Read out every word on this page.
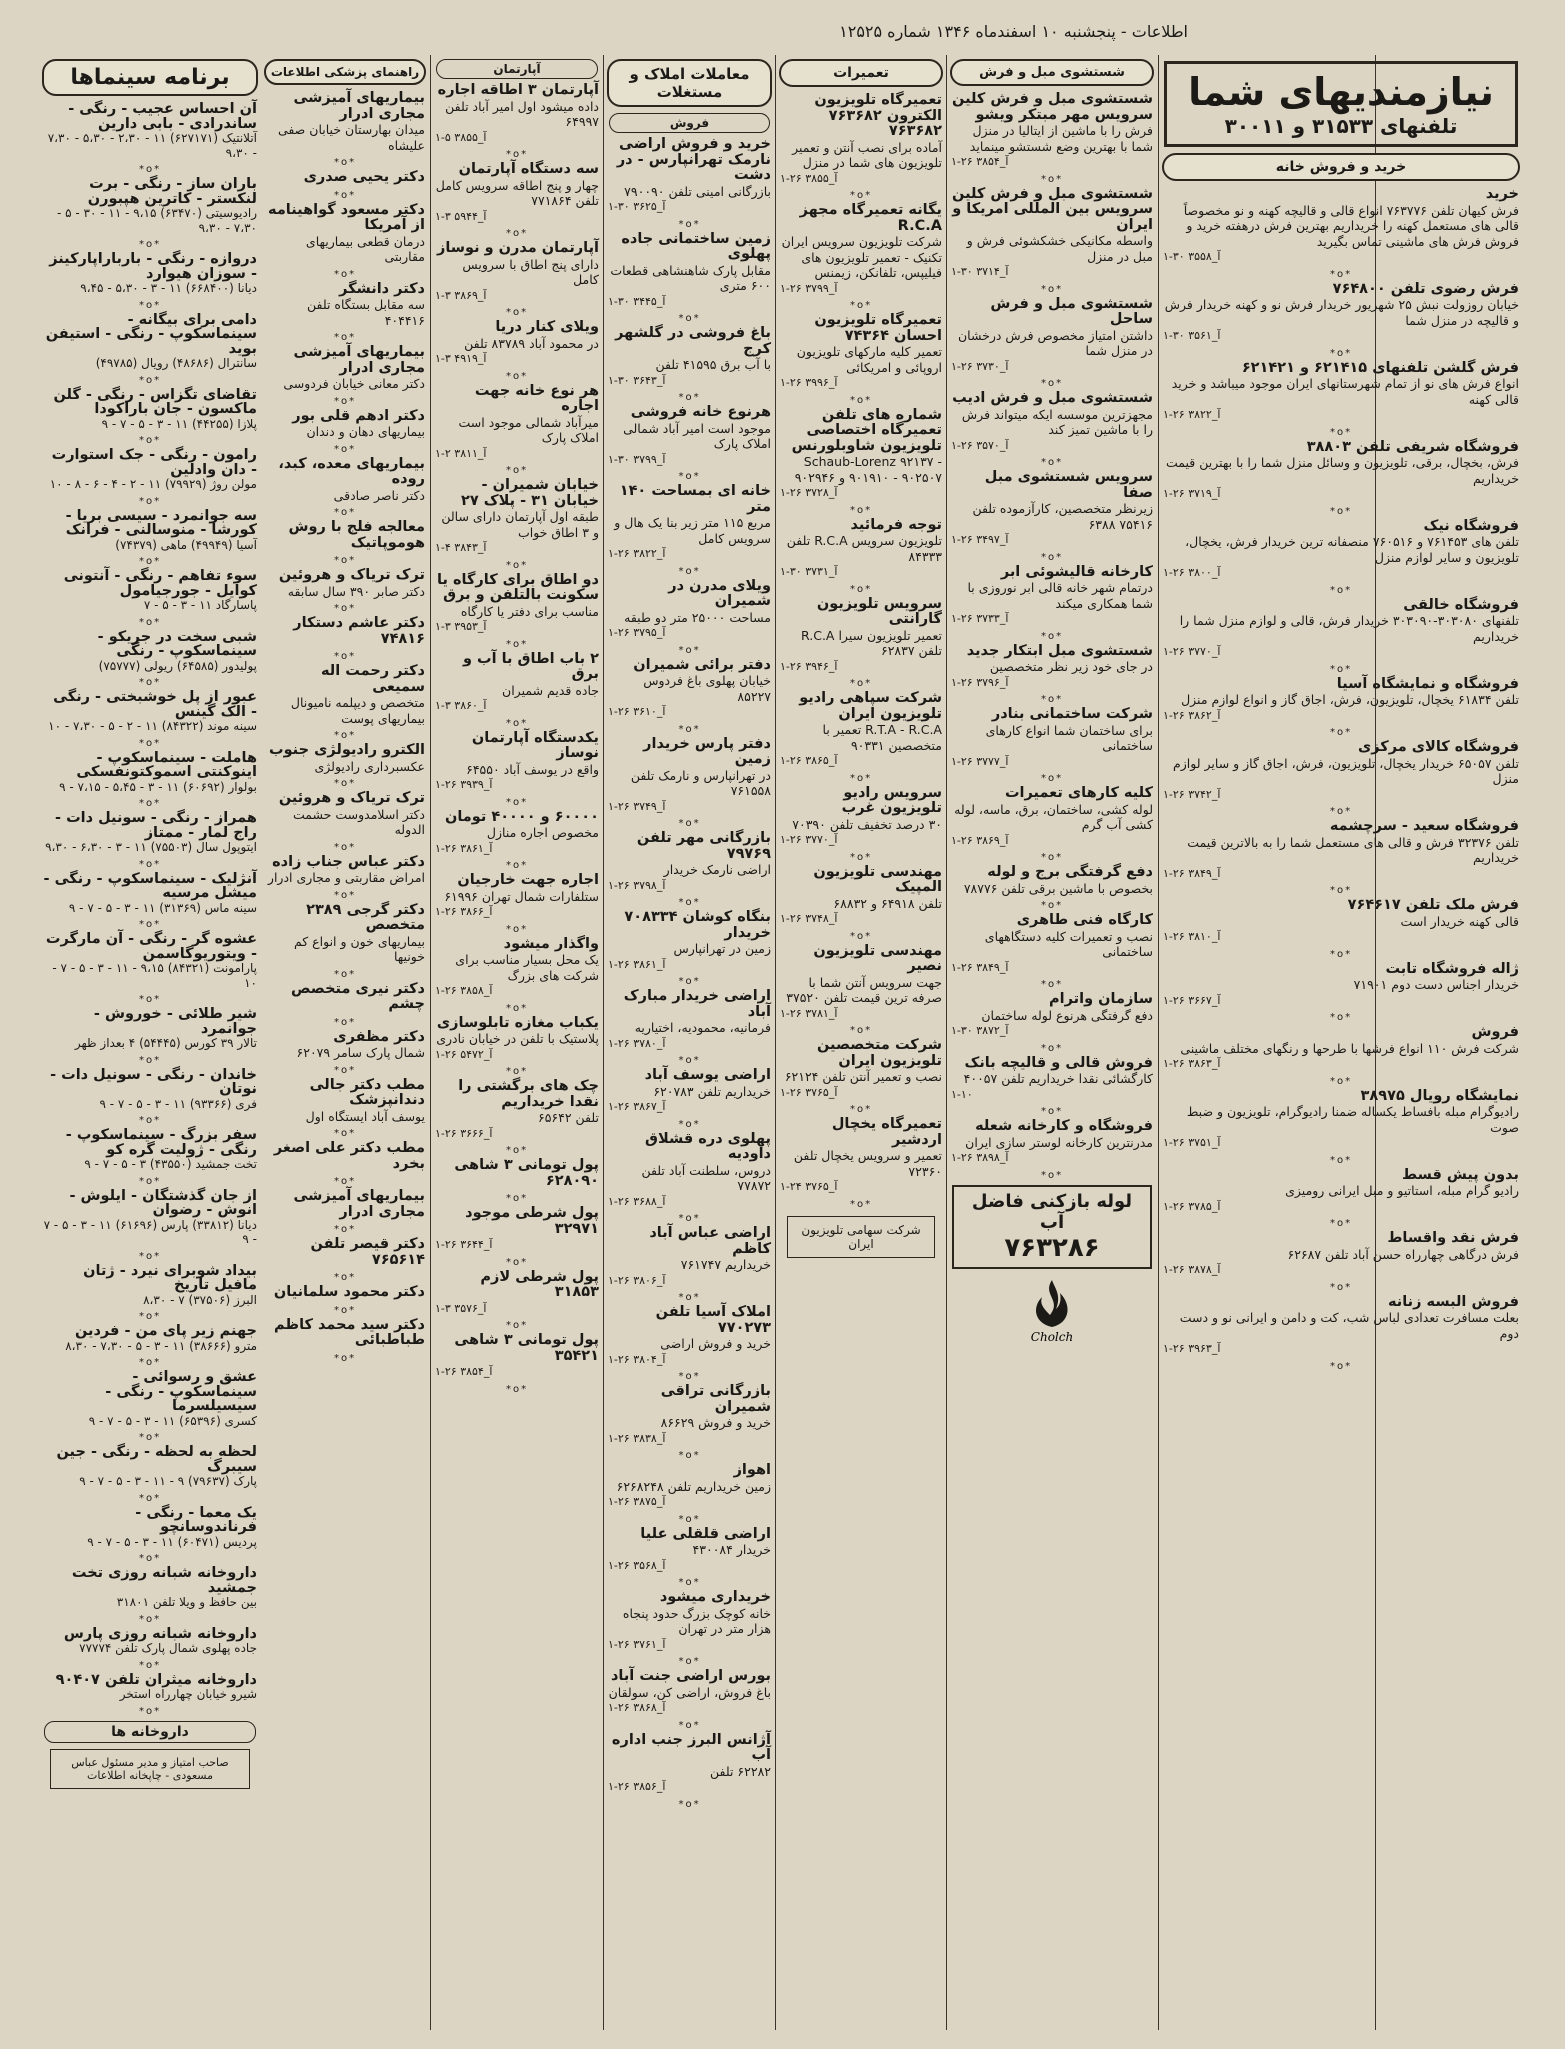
اطلاعات - پنجشنبه ۱۰ اسفندماه ۱۳۴۶ شماره ۱۲۵۲۵
نیازمندیهای شما
تلفنهای ۳۱۵۳۳ و ۳۰۰۱۱
خرید و فروش خانه
خرید
فرش کیهان تلفن ۷۶۳۷۷۶ انواع قالی و قالیچه کهنه و نو مخصوصاً قالی های مستعمل کهنه را خریداریم بهترین فرش درهفته خرید و فروش فرش های ماشینی تماس بگیرید
۱-۳۰ ۳۵۵۸_آ
*o*
فرش رضوی تلفن ۷۶۴۸۰۰
خیابان روزولت نبش ۲۵ شهریور خریدار فرش نو و کهنه خریدار فرش و قالیچه در منزل شما
۱-۳۰ ۳۵۶۱_آ
*o*
فرش گلشن تلفنهای ۶۲۱۴۱۵ و ۶۲۱۴۲۱
انواع فرش های نو از تمام شهرستانهای ایران موجود میباشد و خرید قالی کهنه
۱-۲۶ ۳۸۲۲_آ
*o*
فروشگاه شریفی تلفن ۳۸۸۰۳
فرش، بخچال، برقی، تلویزیون و وسائل منزل شما را با بهترین قیمت خریداریم
۱-۲۶ ۳۷۱۹_آ
*o*
فروشگاه نیک
تلفن های ۷۶۱۴۵۳ و ۷۶۰۵۱۶ منصفانه ترین خریدار فرش، یخچال، تلویزیون و سایر لوازم منزل
۱-۲۶ ۳۸۰۰_آ
*o*
فروشگاه خالقی
تلفنهای ۳۰۳۰۸۰-۳۰۳۰۹۰ خریدار فرش، قالی و لوازم منزل شما را خریداریم
۱-۲۶ ۳۷۷۰_آ
*o*
فروشگاه و نمایشگاه آسیا
تلفن ۶۱۸۳۴ یخچال، تلویزیون، فرش، اجاق گاز و انواع لوازم منزل
۱-۲۶ ۳۸۶۲_آ
*o*
فروشگاه کالای مرکزی
تلفن ۶۵۰۵۷ خریدار یخچال، تلویزیون، فرش، اجاق گاز و سایر لوازم منزل
۱-۲۶ ۳۷۴۲_آ
*o*
فروشگاه سعید - سرچشمه
تلفن ۳۲۳۷۶ فرش و قالی های مستعمل شما را به بالاترین قیمت خریداریم
۱-۲۶ ۳۸۴۹_آ
*o*
فرش ملک تلفن ۷۶۴۶۱۷
قالی کهنه خریدار است
۱-۲۶ ۳۸۱۰_آ
*o*
ژاله فروشگاه تابت
خریدار اجناس دست دوم ۷۱۹۰۱
۱-۲۶ ۳۶۶۷_آ
*o*
فروش
شرکت فرش ۱۱۰ انواع فرشها با طرحها و رنگهای مختلف ماشینی
۱-۲۶ ۳۸۶۳_آ
*o*
نمایشگاه رویال ۳۸۹۷۵
رادیوگرام مبله بافساط یکساله ضمنا رادیوگرام، تلویزیون و ضبط صوت
۱-۲۶ ۳۷۵۱_آ
*o*
بدون پیش قسط
رادیو گرام مبله، استاتیو و مبل ایرانی رومیزی
۱-۲۶ ۳۷۸۵_آ
*o*
فرش نقد واقساط
فرش درگاهی چهارراه حسن آباد تلفن ۶۲۶۸۷
۱-۲۶ ۳۸۷۸_آ
*o*
فروش البسه زنانه
بعلت مسافرت تعدادی لباس شب، کت و دامن و ایرانی نو و دست دوم
۱-۲۶ ۳۹۶۳_آ
*o*
شستشوی مبل و فرش
شستشوی مبل و فرش کلین سرویس مهر مبتکر ویشو
فرش را با ماشین از ایتالیا در منزل شما با بهترین وضع شستشو مینماید
۱-۲۶ ۳۸۵۴_آ
*o*
شستشوی مبل و فرش کلین سرویس بین المللی امریکا و ایران
واسطه مکانیکی خشکشوئی فرش و مبل در منزل
۱-۳۰ ۳۷۱۴_آ
*o*
شستشوی مبل و فرش ساحل
داشتن امتیاز مخصوص فرش درخشان در منزل شما
۱-۲۶ ۳۷۳۰_آ
*o*
شستشوی مبل و فرش ادیب
مجهزترین موسسه ایکه میتواند فرش را با ماشین تمیز کند
۱-۲۶ ۳۵۷۰_آ
*o*
سرویس شستشوی مبل صفا
زیرنظر متخصصین، کارآزموده تلفن ۷۵۴۱۶ ۶۳۸۸
۱-۲۶ ۳۴۹۷_آ
*o*
کارخانه قالیشوئی ابر
درتمام شهر خانه قالی ابر نوروزی با شما همکاری میکند
۱-۲۶ ۳۷۳۳_آ
*o*
شستشوی مبل ابتکار جدید
در جای خود زیر نظر متخصصین
۱-۲۶ ۳۷۹۶_آ
*o*
شرکت ساختمانی بنادر
برای ساختمان شما انواع کارهای ساختمانی
۱-۲۶ ۳۷۷۷_آ
*o*
کلیه کارهای تعمیرات
لوله کشی، ساختمان، برق، ماسه، لوله کشی آب گرم
۱-۲۶ ۳۸۶۹_آ
*o*
دفع گرفتگی برج و لوله
بخصوص با ماشین برقی تلفن ۷۸۷۷۶
*o*
کارگاه فنی طاهری
نصب و تعمیرات کلیه دستگاههای ساختمانی
۱-۲۶ ۳۸۴۹_آ
*o*
سازمان واترام
دفع گرفتگی هرنوع لوله ساختمان
۱-۳۰ ۳۸۷۲_آ
*o*
فروش قالی و قالیچه بانک
کارگشائی نقدا خریداریم تلفن ۴۰۰۵۷
۱-۱۰
*o*
فروشگاه و کارخانه شعله
مدرنترین کارخانه لوستر سازی ایران
۱-۲۶ ۳۸۹۸_آ
*o*
لوله بازکنی فاضل آب
۷۶۳۲۸۶
Cholch
تعمیرات
تعمیرگاه تلویزیون الکترون ۷۶۳۶۸۲ ۷۶۳۶۸۲
آماده برای نصب آنتن و تعمیر تلویزیون های شما در منزل
۱-۲۶ ۳۸۵۵_آ
*o*
یگانه تعمیرگاه مجهز R.C.A
شرکت تلویزیون سرویس ایران تکنیک - تعمیر تلویزیون های فیلیپس، تلفانکن، زیمنس
۱-۲۶ ۳۷۹۹_آ
*o*
تعمیرگاه تلویزیون احسان ۷۴۳۶۴
تعمیر کلیه مارکهای تلویزیون اروپائی و امریکائی
۱-۲۶ ۳۹۹۶_آ
*o*
شماره های تلفن تعمیرگاه اختصاصی تلویزیون شاوبلورنس
Schaub-Lorenz ۹۲۱۳۷ - ۹۰۱۹۱۰ - ۹۰۲۵۰۷ و ۹۰۲۹۴۶
۱-۲۶ ۳۷۲۸_آ
*o*
توجه فرمائید
تلویزیون سرویس R.C.A تلفن ۸۴۳۳۳
۱-۳۰ ۳۷۳۱_آ
*o*
سرویس تلویزیون گارانتی
تعمیر تلویزیون سیرا R.C.A تلفن ۶۲۸۳۷
۱-۲۶ ۳۹۴۶_آ
*o*
شرکت سپاهی رادیو تلویزیون ایران
R.T.A - R.C.A تعمیر با متخصصین ۹۰۳۳۱
۱-۲۶ ۳۸۶۵_آ
*o*
سرویس رادیو تلویزیون غرب
۳۰ درصد تخفیف تلفن ۷۰۳۹۰
۱-۲۶ ۳۷۷۰_آ
*o*
مهندسی تلویزیون المپیک
تلفن ۶۴۹۱۸ و ۶۸۸۳۲
۱-۲۶ ۳۷۴۸_آ
*o*
مهندسی تلویزیون نصیر
جهت سرویس آنتن شما با صرفه ترین قیمت تلفن ۳۷۵۲۰
۱-۲۶ ۳۷۸۱_آ
*o*
شرکت متخصصین تلویزیون ایران
نصب و تعمیر آنتن تلفن ۶۲۱۲۴
۱-۲۶ ۳۷۶۵_آ
*o*
تعمیرگاه یخچال اردشیر
تعمیر و سرویس یخچال تلفن ۷۲۳۶۰
۱-۲۴ ۳۷۶۵_آ
*o*
شرکت سهامی تلویزیون ایران
معاملات املاک و مستغلات
فروش
خرید و فروش اراضی نارمک تهرانپارس - در دشت
بازرگانی امینی تلفن ۷۹۰۰۹۰
۱-۳۰ ۳۶۲۵_آ
*o*
زمین ساختمانی جاده پهلوی
مقابل پارک شاهنشاهی قطعات ۶۰۰ متری
۱-۳۰ ۳۴۴۵_آ
*o*
باغ فروشی در گلشهر کرج
با آب برق ۴۱۵۹۵ تلفن
۱-۳۰ ۳۶۴۳_آ
*o*
هرنوع خانه فروشی
موجود است امیر آباد شمالی املاک پارک
۱-۳۰ ۳۷۹۹_آ
*o*
خانه ای بمساحت ۱۴۰ متر
مربع ۱۱۵ متر زیر بنا یک هال و سرویس کامل
۱-۲۶ ۳۸۲۲_آ
*o*
ویلای مدرن در شمیران
مساحت ۲۵۰۰۰ متر دو طبقه
۱-۲۶ ۳۷۹۵_آ
*o*
دفتر برائی شمیران
خیابان پهلوی باغ فردوس ۸۵۲۲۷
۱-۲۶ ۳۶۱۰_آ
*o*
دفتر پارس خریدار زمین
در تهرانپارس و نارمک تلفن ۷۶۱۵۵۸
۱-۲۶ ۳۷۴۹_آ
*o*
بازرگانی مهر تلفن ۷۹۷۶۹
اراضی نارمک خریدار
۱-۲۶ ۳۷۹۸_آ
*o*
بنگاه کوشان ۷۰۸۳۳۴ خریدار
زمین در تهرانپارس
۱-۲۶ ۳۸۶۱_آ
*o*
اراضی خریدار مبارک آباد
فرمانیه، محمودیه، اختیاریه
۱-۲۶ ۳۷۸۰_آ
*o*
اراضی یوسف آباد
خریداریم تلفن ۶۲۰۷۸۳
۱-۲۶ ۳۸۶۷_آ
*o*
پهلوی دره قشلاق داودیه
دروس، سلطنت آباد تلفن ۷۷۸۷۲
۱-۲۶ ۳۶۸۸_آ
*o*
اراضی عباس آباد کاظم
خریداریم ۷۶۱۷۴۷
۱-۲۶ ۳۸۰۶_آ
*o*
املاک آسیا تلفن ۷۷۰۲۷۳
خرید و فروش اراضی
۱-۲۶ ۳۸۰۴_آ
*o*
بازرگانی تراقی شمیران
خرید و فروش ۸۶۶۲۹
۱-۲۶ ۳۸۳۸_آ
*o*
اهواز
زمین خریداریم تلفن ۶۲۶۸۲۴۸
۱-۲۶ ۳۸۷۵_آ
*o*
اراضی قلقلی علیا
خریدار ۴۳۰۰۸۴
۱-۲۶ ۳۵۶۸_آ
*o*
خریداری میشود
خانه کوچک بزرگ حدود پنجاه هزار متر در تهران
۱-۲۶ ۳۷۶۱_آ
*o*
بورس اراضی جنت آباد
باغ فروش، اراضی کن، سولقان
۱-۲۶ ۳۸۶۸_آ
*o*
آژانس البرز جنب اداره آب
۶۲۲۸۲ تلفن
۱-۲۶ ۳۸۵۶_آ
*o*
آپارتمان
آپارتمان ۳ اطاقه اجاره
داده میشود اول امیر آباد تلفن ۶۴۹۹۷
۱-۵ ۳۸۵۵_آ
*o*
سه دستگاه آپارتمان
چهار و پنج اطاقه سرویس کامل تلفن ۷۷۱۸۶۴
۱-۳ ۵۹۴۴_آ
*o*
آپارتمان مدرن و نوساز
دارای پنج اطاق با سرویس کامل
۱-۳ ۳۸۶۹_آ
*o*
ویلای کنار دریا
در محمود آباد ۸۳۷۸۹ تلفن
۱-۳ ۴۹۱۹_آ
*o*
هر نوع خانه جهت اجاره
میرآباد شمالی موجود است املاک پارک
۱-۲ ۳۸۱۱_آ
*o*
خیابان شمیران - خیابان ۳۱ - پلاک ۲۷
طبقه اول آپارتمان دارای سالن و ۳ اطاق خواب
۱-۴ ۳۸۴۳_آ
*o*
دو اطاق برای کارگاه یا سکونت بالتلفن و برق
مناسب برای دفتر یا کارگاه
۱-۳ ۳۹۵۳_آ
*o*
۲ باب اطاق با آب و برق
جاده قدیم شمیران
۱-۳ ۳۸۶۰_آ
*o*
یکدستگاه آپارتمان نوساز
واقع در یوسف آباد ۶۴۵۵۰
۱-۲۶ ۳۹۳۹_آ
*o*
۶۰۰۰۰ و ۴۰۰۰۰ تومان
مخصوص اجاره منازل
۱-۲۶ ۳۸۶۱_آ
*o*
اجاره جهت خارجیان
ستلفارات شمال تهران ۶۱۹۹۶
۱-۲۶ ۳۸۶۶_آ
*o*
واگذار میشود
یک محل بسیار مناسب برای شرکت های بزرگ
۱-۲۶ ۳۸۵۸_آ
*o*
یکباب مغازه تابلوسازی
پلاستیک با تلفن در خیابان نادری
۱-۲۶ ۵۴۷۲_آ
*o*
چک های برگشتی را نقدا خریداریم
تلفن ۶۵۶۴۲
۱-۲۶ ۳۶۶۶_آ
*o*
پول تومانی ۳ شاهی ۶۲۸۰۹۰
*o*
پول شرطی موجود ۳۲۹۷۱
۱-۲۶ ۳۶۴۴_آ
*o*
پول شرطی لازم ۳۱۸۵۳
۱-۳ ۳۵۷۶_آ
*o*
پول تومانی ۳ شاهی ۳۵۴۲۱
۱-۲۶ ۳۸۵۴_آ
*o*
راهنمای پزشکی اطلاعات
بیماریهای آمیزشی مجاری ادرار
میدان بهارستان خیابان صفی علیشاه
*o*
دکتر یحیی صدری
*o*
دکتر مسعود گواهینامه از آمریکا
درمان قطعی بیماریهای مقاربتی
*o*
دکتر دانشگر
سه مقابل بستگاه تلفن ۴۰۴۴۱۶
*o*
بیماریهای آمیزشی مجاری ادرار
دکتر معانی خیابان فردوسی
*o*
دکتر ادهم قلی بور
بیماریهای دهان و دندان
*o*
بیماریهای معده، کبد، روده
دکتر ناصر صادقی
*o*
معالجه فلج با روش هوموپاتیک
*o*
ترک تریاک و هروئین
دکتر صابر ۳۹۰ سال سابقه
*o*
دکتر عاشم دستکار ۷۴۸۱۶
*o*
دکتر رحمت اله سمیعی
متخصص و دیپلمه نامیونال بیماریهای پوست
*o*
الکترو رادیولژی جنوب
عکسبرداری رادیولژی
*o*
ترک تریاک و هروئین
دکتر اسلامدوست حشمت الدوله
*o*
دکتر عباس جناب زاده
امراض مقاربتی و مجاری ادرار
*o*
دکتر گرجی ۲۳۸۹ متخصص
بیماریهای خون و انواع کم خونیها
*o*
دکتر نیری متخصص چشم
*o*
دکتر مظفری
شمال پارک سامر ۶۲۰۷۹
*o*
مطب دکتر جالی دندانپزشک
یوسف آباد ایستگاه اول
*o*
مطب دکتر علی اصغر بخرد
*o*
بیماریهای آمیزشی مجاری ادرار
*o*
دکتر قیصر تلفن ۷۶۵۶۱۴
*o*
دکتر محمود سلمانیان
*o*
دکتر سید محمد کاظم طباطبائی
*o*
برنامه سینماها
آن احساس عجیب - رنگی - ساندرادی - بابی دارین
آتلانتیک (۶۲۷۱۷۱) ۱۱ - ۲،۳۰ - ۵،۳۰ - ۷،۳۰ - ۹،۳۰
*o*
باران ساز - رنگی - برت لنکستر - کاترین هپبورن
رادیوسیتی (۶۳۴۷۰) ۹،۱۵ - ۱۱ - ۳۰ - ۵ - ۷،۳۰ - ۹،۳۰
*o*
دروازه - رنگی - بارباراپارکینز - سوزان هیوارد
دیانا (۶۶۸۴۰۰) ۱۱ - ۳ - ۵،۳۰ - ۹،۴۵
*o*
دامی برای بیگانه - سینماسکوپ - رنگی - استیفن بوید
سانترال (۴۸۶۸۶) رویال (۴۹۷۸۵)
*o*
تقاضای تگزاس - رنگی - گلن ماکسون - جان باراکودا
پلازا (۴۴۲۵۵) ۱۱ - ۳ - ۵ - ۷ - ۹
*o*
رامون - رنگی - جک استوارت - دان وادلین
مولن روژ (۷۹۹۲۹) ۱۱ - ۲ - ۴ - ۶ - ۸ - ۱۰
*o*
سه جوانمرد - سیسی بریا - کورشا - منوسالنی - فرانک
آسیا (۴۹۹۴۹) ماهی (۷۴۳۷۹)
*o*
سوء تفاهم - رنگی - آنتونی کوایل - جورجیامول
پاسارگاد ۱۱ - ۳ - ۵ - ۷
*o*
شبی سخت در جریکو - سینماسکوپ - رنگی
پولیدور (۶۴۵۸۵) ریولی (۷۵۷۷۷)
*o*
عبور از پل خوشبختی - رنگی - الک گینس
سینه موند (۸۴۳۲۲) ۱۱ - ۲ - ۵ - ۷،۳۰ - ۱۰
*o*
هاملت - سینماسکوپ - اینوکنتی اسموکتونفسکی
بولوار (۶۰۶۹۲) ۱۱ - ۳ - ۵،۴۵ - ۷،۱۵ - ۹
*o*
همراز - رنگی - سونیل دات - راج لمار - ممتاز
ایتوپول سال (۷۵۵۰۳) ۱۱ - ۳ - ۶،۳۰ - ۹،۳۰
*o*
آنژلیک - سینماسکوپ - رنگی - میشل مرسیه
سینه ماس (۳۱۳۶۹) ۱۱ - ۳ - ۵ - ۷ - ۹
*o*
عشوه گر - رنگی - آن مارگرت - ویتوریوگاسمن
پارامونت (۸۴۳۲۱) ۹،۱۵ - ۱۱ - ۳ - ۵ - ۷ - ۱۰
*o*
شیر طلائی - خوروش - جوانمرد
تالار ۳۹ کورس (۵۴۴۴۵) ۴ بعداز ظهر
*o*
خاندان - رنگی - سونیل دات - نوتان
فری (۹۳۳۶۶) ۱۱ - ۳ - ۵ - ۷ - ۹
*o*
سفر بزرگ - سینماسکوپ - رنگی - ژولیت گره کو
تخت جمشید (۴۳۵۵۰) ۳ - ۵ - ۷ - ۹
*o*
از جان گذشتگان - ایلوش - انوش - رضوان
دیانا (۳۳۸۱۲) پارس (۶۱۶۹۶) ۱۱ - ۳ - ۵ - ۷ - ۹
*o*
بیداد شوبرای نیرد - ژتان مافیل تاریخ
البرز (۳۷۵۰۶) ۷ - ۸،۳۰
*o*
جهنم زیر پای من - فردین
مترو (۳۸۶۶۶) ۱۱ - ۳ - ۵ - ۷،۳۰ - ۸،۳۰
*o*
عشق و رسوائی - سینماسکوپ - رنگی - سیسیلسرما
کسری (۶۵۳۹۶) ۱۱ - ۳ - ۵ - ۷ - ۹
*o*
لحظه به لحظه - رنگی - جین سیبرگ
پارک (۷۹۶۳۷) ۹ - ۱۱ - ۳ - ۵ - ۷ - ۹
*o*
یک معما - رنگی - فرناندوسانچو
پردیس (۶۰۴۷۱) ۱۱ - ۳ - ۵ - ۷ - ۹
*o*
داروخانه شبانه روزی تخت جمشید
بین حافظ و ویلا تلفن ۳۱۸۰۱
*o*
داروخانه شبانه روزی پارس
جاده پهلوی شمال پارک تلفن ۷۷۷۷۴
*o*
داروخانه میثران تلفن ۹۰۴۰۷
شیرو خیابان چهارراه استخر
*o*
داروخانه ها
صاحب امتیاز و مدیر مسئول عباس مسعودی - چاپخانه اطلاعات
